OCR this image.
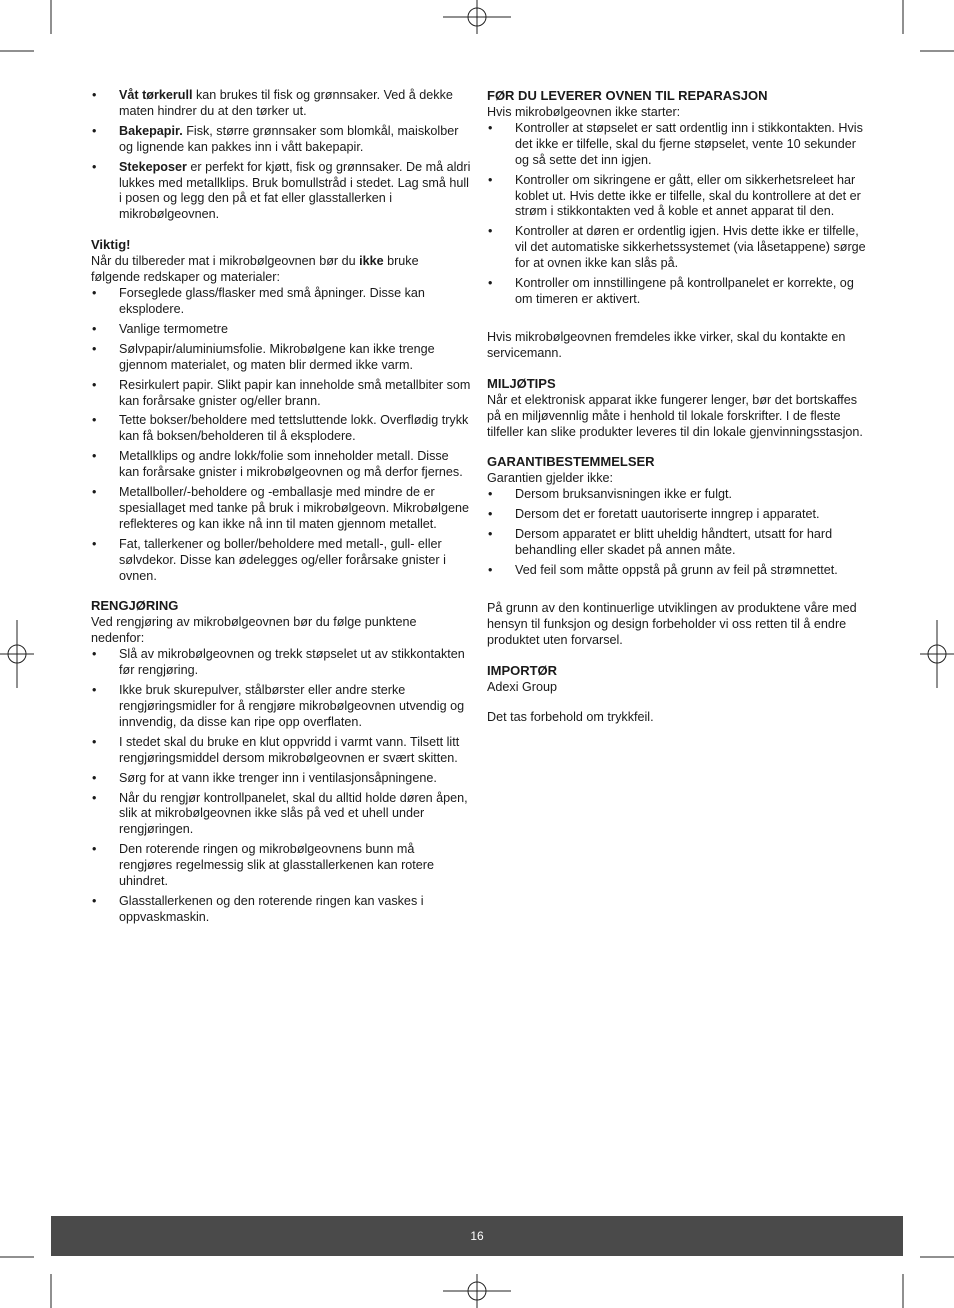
• Våt tørkerull kan brukes til fisk og grønnsaker. Ved å dekke maten hindrer du at den tørker ut.
• Bakepapir. Fisk, større grønnsaker som blomkål, maiskolber og lignende kan pakkes inn i vått bakepapir.
• Stekeposer er perfekt for kjøtt, fisk og grønnsaker. De må aldri lukkes med metallklips. Bruk bomullstråd i stedet. Lag små hull i posen og legg den på et fat eller glasstallerken i mikrobølgeovnen.
Viktig!

Når du tilbereder mat i mikrobølgeovnen bør du ikke bruke følgende redskaper og materialer:

• Forseglede glass/flasker med små åpninger. Disse kan eksplodere.
• Vanlige termometre
• Sølvpapir/aluminiumsfolie. Mikrobølgene kan ikke trenge gjennom materialet, og maten blir dermed ikke varm.
• Resirkulert papir. Slikt papir kan inneholde små metallbiter som kan forårsake gnister og/eller brann.
• Tette bokser/beholdere med tettsluttende lokk. Overflødig trykk kan få boksen/beholderen til å eksplodere.
• Metallklips og andre lokk/folie som inneholder metall. Disse kan forårsake gnister i mikrobølgeovnen og må derfor fjernes.
• Metallboller/-beholdere og -emballasje med mindre de er spesiallaget med tanke på bruk i mikrobølgeovn. Mikrobølgene reflekteres og kan ikke nå inn til maten gjennom metallet.
• Fat, tallerkener og boller/beholdere med metall-, gull- eller sølvdekor. Disse kan ødelegges og/eller forårsake gnister i ovnen.
RENGJØRING

Ved rengjøring av mikrobølgeovnen bør du følge punktene nedenfor:

• Slå av mikrobølgeovnen og trekk støpselet ut av stikkontakten før rengjøring.
• Ikke bruk skurepulver, stålbørster eller andre sterke rengjøringsmidler for å rengjøre mikrobølgeovnen utvendig og innvendig, da disse kan ripe opp overflaten.
• I stedet skal du bruke en klut oppvridd i varmt vann. Tilsett litt rengjøringsmiddel dersom mikrobølgeovnen er svært skitten.
• Sørg for at vann ikke trenger inn i ventilasjonsåpningene.
• Når du rengjør kontrollpanelet, skal du alltid holde døren åpen, slik at mikrobølgeovnen ikke slås på ved et uhell under rengjøringen.
• Den roterende ringen og mikrobølgeovnens bunn må rengjøres regelmessig slik at glasstallerkenen kan rotere uhindret.
• Glasstallerkenen og den roterende ringen kan vaskes i oppvaskmaskin.
FØR DU LEVERER OVNEN TIL REPARASJON

Hvis mikrobølgeovnen ikke starter:

• Kontroller at støpselet er satt ordentlig inn i stikkontakten. Hvis det ikke er tilfelle, skal du fjerne støpselet, vente 10 sekunder og så sette det inn igjen.
• Kontroller om sikringene er gått, eller om sikkerhetsreleet har koblet ut. Hvis dette ikke er tilfelle, skal du kontrollere at det er strøm i stikkontakten ved å koble et annet apparat til den.
• Kontroller at døren er ordentlig igjen. Hvis dette ikke er tilfelle, vil det automatiske sikkerhetssystemet (via låsetappene) sørge for at ovnen ikke kan slås på.
• Kontroller om innstillingene på kontrollpanelet er korrekte, og om timeren er aktivert.

Hvis mikrobølgeovnen fremdeles ikke virker, skal du kontakte en servicemann.

MILJØTIPS

Når et elektronisk apparat ikke fungerer lenger, bør det bortskaffes på en miljøvennlig måte i henhold til lokale forskrifter. I de fleste tilfeller kan slike produkter leveres til din lokale gjenvinningsstasjon.

GARANTIBESTEMMELSER

Garantien gjelder ikke:

• Dersom bruksanvisningen ikke er fulgt.
• Dersom det er foretatt uautoriserte inngrep i apparatet.
• Dersom apparatet er blitt uheldig håndtert, utsatt for hard behandling eller skadet på annen måte.
• Ved feil som måtte oppstå på grunn av feil på strømnettet.

På grunn av den kontinuerlige utviklingen av produktene våre med hensyn til funksjon og design forbeholder vi oss retten til å endre produktet uten forvarsel.

IMPORTØR

Adexi Group

Det tas forbehold om trykkfeil.

16
